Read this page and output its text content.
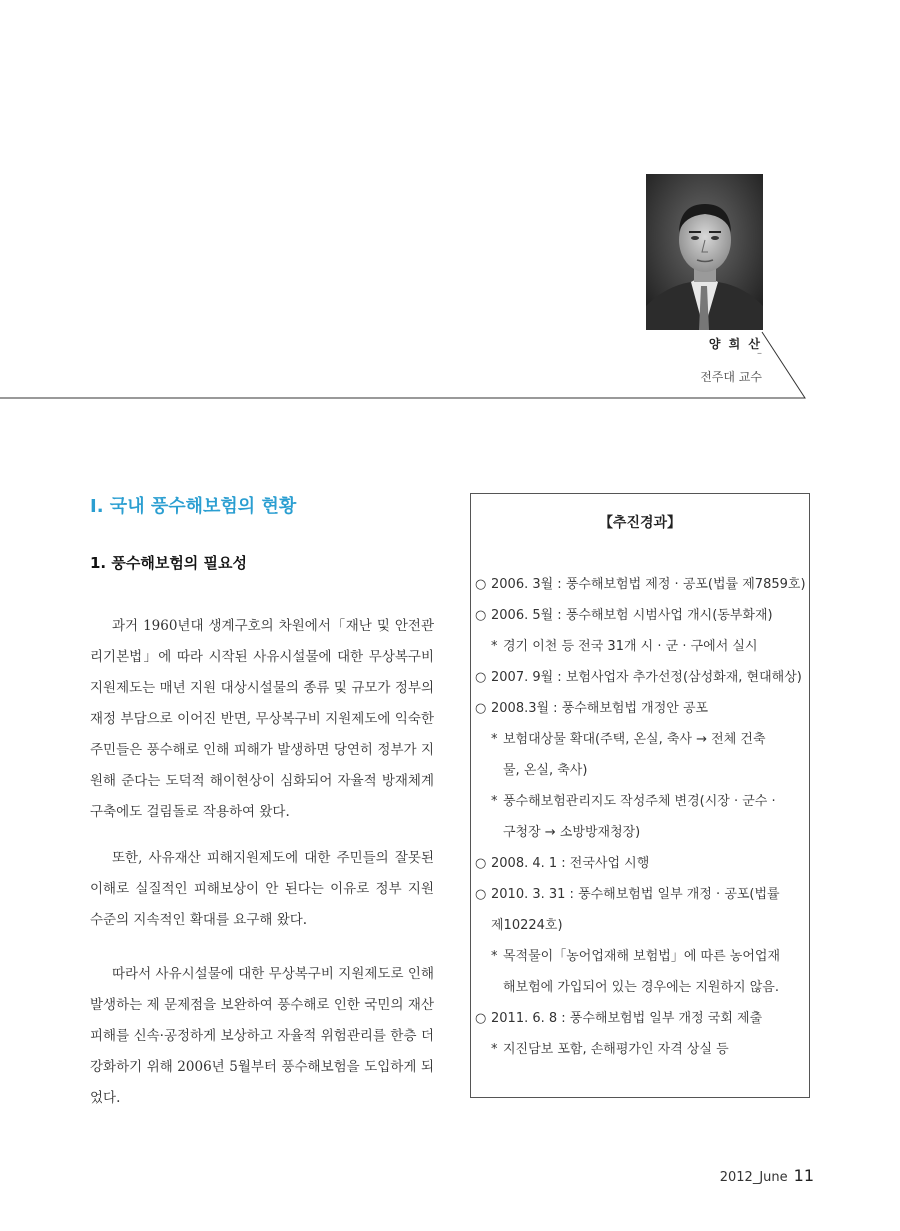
양 희 산
–
전주대 교수
Ⅰ. 국내 풍수해보험의 현황
1. 풍수해보험의 필요성

과거 1960년대 생계구호의 차원에서「재난 및 안전관리기본법」에 따라 시작된 사유시설물에 대한 무상복구비 지원제도는 매년 지원 대상시설물의 종류 및 규모가 정부의 재정 부담으로 이어진 반면, 무상복구비 지원제도에 익숙한 주민들은 풍수해로 인해 피해가 발생하면 당연히 정부가 지원해 준다는 도덕적 해이현상이 심화되어 자율적 방재체계 구축에도 걸림돌로 작용하여 왔다.

또한, 사유재산 피해지원제도에 대한 주민들의 잘못된 이해로 실질적인 피해보상이 안 된다는 이유로 정부 지원 수준의 지속적인 확대를 요구해 왔다.

따라서 사유시설물에 대한 무상복구비 지원제도로 인해 발생하는 제 문제점을 보완하여 풍수해로 인한 국민의 재산피해를 신속·공정하게 보상하고 자율적 위험관리를 한층 더 강화하기 위해 2006년 5월부터 풍수해보험을 도입하게 되었다.

【추진경과】
○ 2006. 3월 : 풍수해보험법 제정 · 공포(법률 제7859호)
○ 2006. 5월 : 풍수해보험 시범사업 개시(동부화재)
* 경기 이천 등 전국 31개 시 · 군 · 구에서 실시
○ 2007. 9월 : 보험사업자 추가선정(삼성화재, 현대해상)
○ 2008.3월 : 풍수해보험법 개정안 공포
* 보험대상물 확대(주택, 온실, 축사 → 전체 건축
물, 온실, 축사)
* 풍수해보험관리지도 작성주체 변경(시장 · 군수 ·
구청장 → 소방방재청장)
○ 2008. 4. 1 : 전국사업 시행
○ 2010. 3. 31 : 풍수해보험법 일부 개정 · 공포(법률
제10224호)
* 목적물이「농어업재해 보험법」에 따른 농어업재
해보험에 가입되어 있는 경우에는 지원하지 않음.
○ 2011. 6. 8 : 풍수해보험법 일부 개정 국회 제출
* 지진담보 포함, 손해평가인 자격 상실 등
2012_June 11
